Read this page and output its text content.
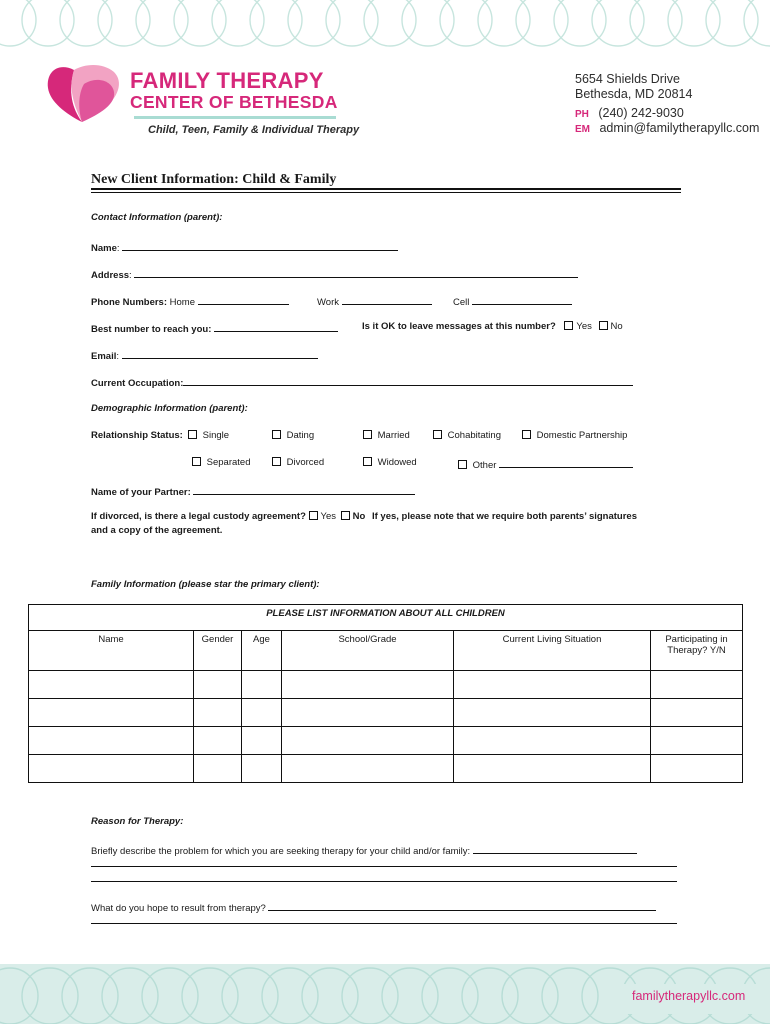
FAMILY THERAPY
CENTER OF BETHESDA
Child, Teen, Family & Individual Therapy
5654 Shields Drive
Bethesda, MD 20814
PH (240) 242-9030
EM admin@familytherapyllc.com
New Client Information: Child & Family
Contact Information (parent):
Name:
Address:
Phone Numbers: Home	Work	Cell
Best number to reach you:	Is it OK to leave messages at this number? Yes No
Email:
Current Occupation:
Demographic Information (parent):
Relationship Status:	Single	Dating	Married	Cohabitating	Domestic Partnership
Separated	Divorced	Widowed	Other
Name of your Partner:
If divorced, is there a legal custody agreement? Yes No If yes, please note that we require both parents’ signatures
and a copy of the agreement.
Family Information (please star the primary client):
PLEASE LIST INFORMATION ABOUT ALL CHILDREN					
Name	Gender	Age	School/Grade	Current Living Situation	Participating in Therapy? Y/N

Reason for Therapy:
Briefly describe the problem for which you are seeking therapy for your child and/or family:
What do you hope to result from therapy?
familytherapyllc.com
